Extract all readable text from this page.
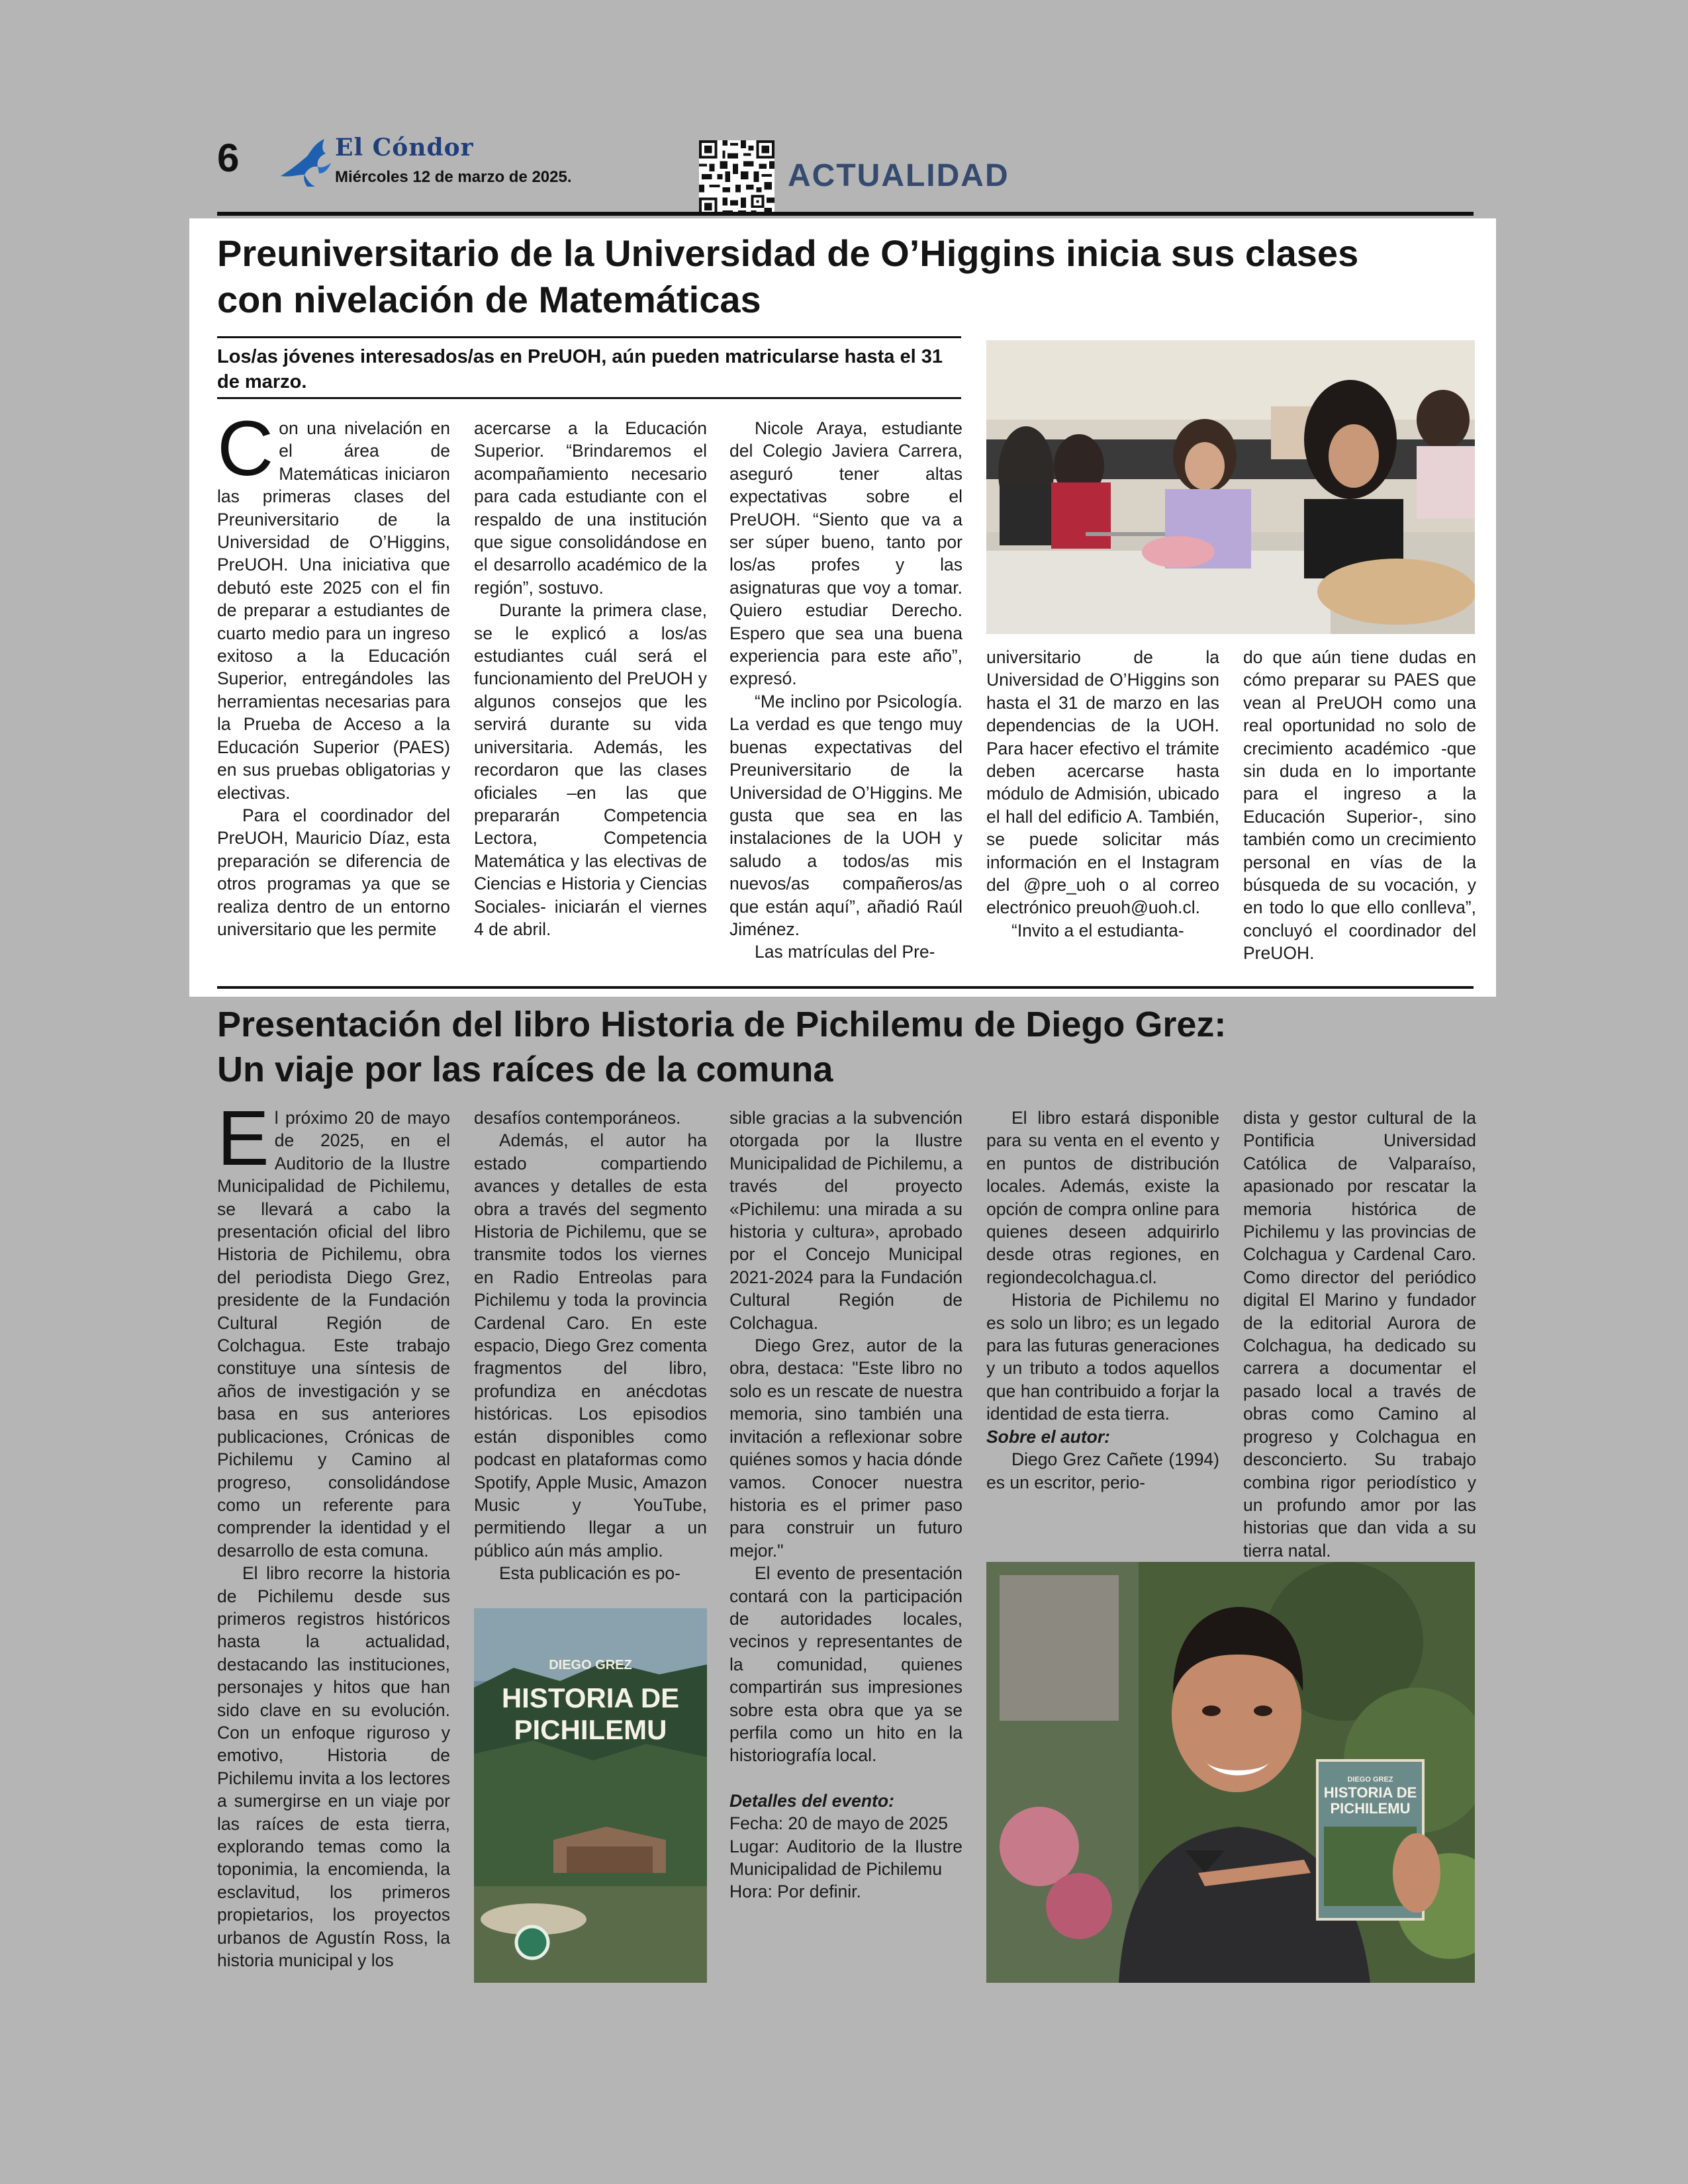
6	El Cóndor
Miércoles 12 de marzo de 2025.	ACTUALIDAD
Preuniversitario de la Universidad de O’Higgins inicia sus clases
con nivelación de Matemáticas
Los/as jóvenes interesados/as en PreUOH, aún pueden matricularse hasta el 31 de marzo.

Con una nivelación en el área de Matemáticas iniciaron las primeras clases del Preuniversitario de la Universidad de O’Higgins, PreUOH. Una iniciativa que debutó este 2025 con el fin de preparar a estudiantes de cuarto medio para un ingreso exitoso a la Educación Superior, entregándoles las herramientas necesarias para la Prueba de Acceso a la Educación Superior (PAES) en sus pruebas obligatorias y electivas.

Para el coordinador del PreUOH, Mauricio Díaz, esta preparación se diferencia de otros programas ya que se realiza dentro de un entorno universitario que les permite

acercarse a la Educación Superior. “Brindaremos el acompañamiento necesario para cada estudiante con el respaldo de una institución que sigue consolidándose en el desarrollo académico de la región”, sostuvo.

Durante la primera clase, se le explicó a los/as estudiantes cuál será el funcionamiento del PreUOH y algunos consejos que les servirá durante su vida universitaria. Además, les recordaron que las clases oficiales –en las que prepararán Competencia Lectora, Competencia Matemática y las electivas de Ciencias e Historia y Ciencias Sociales- iniciarán el viernes 4 de abril.

Nicole Araya, estudiante del Colegio Javiera Carrera, aseguró tener altas expectativas sobre el PreUOH. “Siento que va a ser súper bueno, tanto por los/as profes y las asignaturas que voy a tomar. Quiero estudiar Derecho. Espero que sea una buena experiencia para este año”, expresó.

“Me inclino por Psicología. La verdad es que tengo muy buenas expectativas del Preuniversitario de la Universidad de O’Higgins. Me gusta que sea en las instalaciones de la UOH y saludo a todos/as mis nuevos/as compañeros/as que están aquí”, añadió Raúl Jiménez.

Las matrículas del Pre-

universitario de la Universidad de O’Higgins son hasta el 31 de marzo en las dependencias de la UOH. Para hacer efectivo el trámite deben acercarse hasta módulo de Admisión, ubicado el hall del edificio A. También, se puede solicitar más información en el Instagram del @pre_uoh o al correo electrónico preuoh@uoh.cl.

“Invito a el estudianta-

do que aún tiene dudas en cómo preparar su PAES que vean al PreUOH como una real oportunidad no solo de crecimiento académico -que sin duda en lo importante para el ingreso a la Educación Superior-, sino también como un crecimiento personal en vías de la búsqueda de su vocación, y en todo lo que ello conlleva”, concluyó el coordinador del PreUOH.

Presentación del libro Historia de Pichilemu de Diego Grez:
Un viaje por las raíces de la comuna

El próximo 20 de mayo de 2025, en el Auditorio de la Ilustre Municipalidad de Pichilemu, se llevará a cabo la presentación oficial del libro Historia de Pichilemu, obra del periodista Diego Grez, presidente de la Fundación Cultural Región de Colchagua. Este trabajo constituye una síntesis de años de investigación y se basa en sus anteriores publicaciones, Crónicas de Pichilemu y Camino al progreso, consolidándose como un referente para comprender la identidad y el desarrollo de esta comuna.

El libro recorre la historia de Pichilemu desde sus primeros registros históricos hasta la actualidad, destacando las instituciones, personajes y hitos que han sido clave en su evolución. Con un enfoque riguroso y emotivo, Historia de Pichilemu invita a los lectores a sumergirse en un viaje por las raíces de esta tierra, explorando temas como la toponimia, la encomienda, la esclavitud, los primeros propietarios, los proyectos urbanos de Agustín Ross, la historia municipal y los

desafíos contemporáneos.

Además, el autor ha estado compartiendo avances y detalles de esta obra a través del segmento Historia de Pichilemu, que se transmite todos los viernes en Radio Entreolas para Pichilemu y toda la provincia Cardenal Caro. En este espacio, Diego Grez comenta fragmentos del libro, profundiza en anécdotas históricas. Los episodios están disponibles como podcast en plataformas como Spotify, Apple Music, Amazon Music y YouTube, permitiendo llegar a un público aún más amplio.

Esta publicación es po-

DIEGO GREZ
HISTORIA DE
PICHILEMU

sible gracias a la subvención otorgada por la Ilustre Municipalidad de Pichilemu, a través del proyecto «Pichilemu: una mirada a su historia y cultura», aprobado por el Concejo Municipal 2021-2024 para la Fundación Cultural Región de Colchagua.

Diego Grez, autor de la obra, destaca: "Este libro no solo es un rescate de nuestra memoria, sino también una invitación a reflexionar sobre quiénes somos y hacia dónde vamos. Conocer nuestra historia es el primer paso para construir un futuro mejor."

El evento de presentación contará con la participación de autoridades locales, vecinos y representantes de la comunidad, quienes compartirán sus impresiones sobre esta obra que ya se perfila como un hito en la historiografía local.

Detalles del evento:

Fecha: 20 de mayo de 2025

Lugar: Auditorio de la Ilustre Municipalidad de Pichilemu

Hora: Por definir.

El libro estará disponible para su venta en el evento y en puntos de distribución locales. Además, existe la opción de compra online para quienes deseen adquirirlo desde otras regiones, en regiondecolchagua.cl.

Historia de Pichilemu no es solo un libro; es un legado para las futuras generaciones y un tributo a todos aquellos que han contribuido a forjar la identidad de esta tierra.

Sobre el autor:

Diego Grez Cañete (1994) es un escritor, perio-

dista y gestor cultural de la Pontificia Universidad Católica de Valparaíso, apasionado por rescatar la memoria histórica de Pichilemu y las provincias de Colchagua y Cardenal Caro. Como director del periódico digital El Marino y fundador de la editorial Aurora de Colchagua, ha dedicado su carrera a documentar el pasado local a través de obras como Camino al progreso y Colchagua en desconcierto. Su trabajo combina rigor periodístico y un profundo amor por las historias que dan vida a su tierra natal.

DIEGO GREZ
HISTORIA DE
PICHILEMU
